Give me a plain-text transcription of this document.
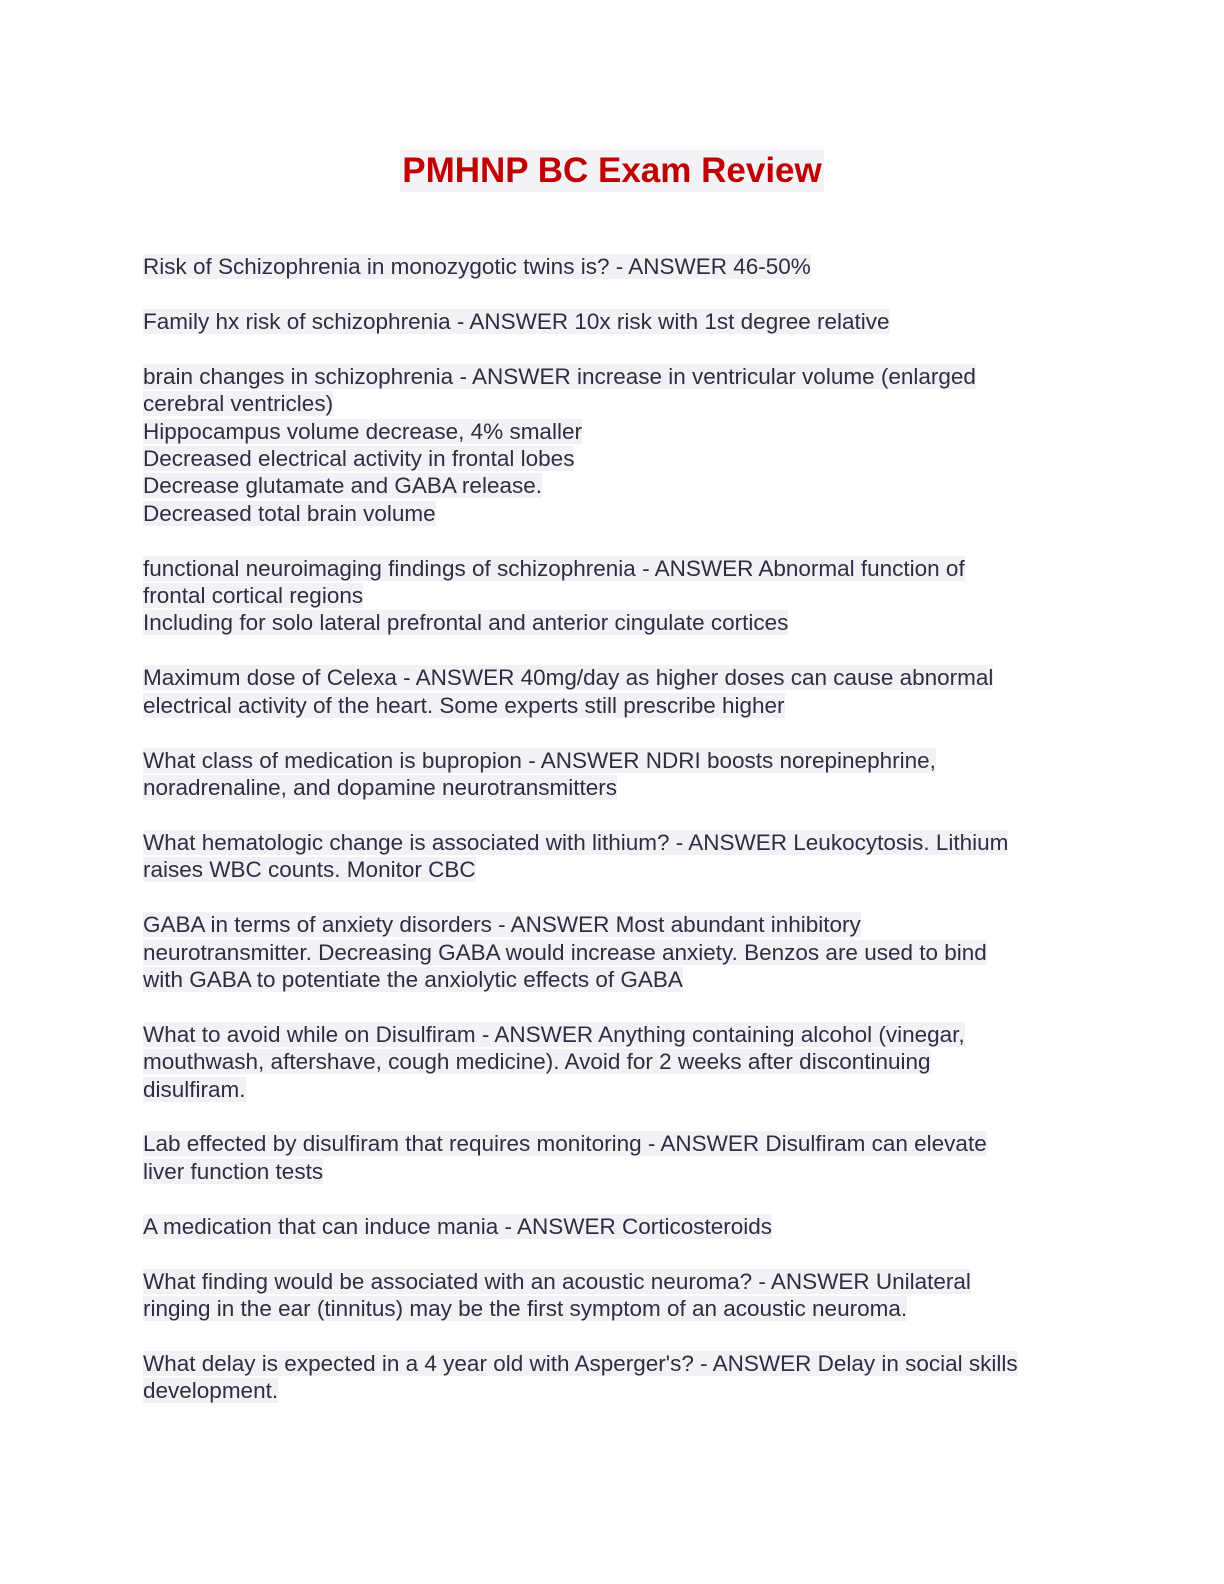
PMHNP BC Exam Review
Risk of Schizophrenia in monozygotic twins is? - ANSWER 46-50%
Family hx risk of schizophrenia - ANSWER 10x risk with 1st degree relative
brain changes in schizophrenia - ANSWER increase in ventricular volume (enlarged
cerebral ventricles)
Hippocampus volume decrease, 4% smaller
Decreased electrical activity in frontal lobes
Decrease glutamate and GABA release.
Decreased total brain volume
functional neuroimaging findings of schizophrenia - ANSWER Abnormal function of
frontal cortical regions
Including for solo lateral prefrontal and anterior cingulate cortices
Maximum dose of Celexa - ANSWER 40mg/day as higher doses can cause abnormal
electrical activity of the heart. Some experts still prescribe higher
What class of medication is bupropion - ANSWER NDRI boosts norepinephrine,
noradrenaline, and dopamine neurotransmitters
What hematologic change is associated with lithium? - ANSWER Leukocytosis. Lithium
raises WBC counts. Monitor CBC
GABA in terms of anxiety disorders - ANSWER Most abundant inhibitory
neurotransmitter. Decreasing GABA would increase anxiety. Benzos are used to bind
with GABA to potentiate the anxiolytic effects of GABA
What to avoid while on Disulfiram - ANSWER Anything containing alcohol (vinegar,
mouthwash, aftershave, cough medicine). Avoid for 2 weeks after discontinuing
disulfiram.
Lab effected by disulfiram that requires monitoring - ANSWER Disulfiram can elevate
liver function tests
A medication that can induce mania - ANSWER Corticosteroids
What finding would be associated with an acoustic neuroma? - ANSWER Unilateral
ringing in the ear (tinnitus) may be the first symptom of an acoustic neuroma.
What delay is expected in a 4 year old with Asperger's? - ANSWER Delay in social skills
development.
